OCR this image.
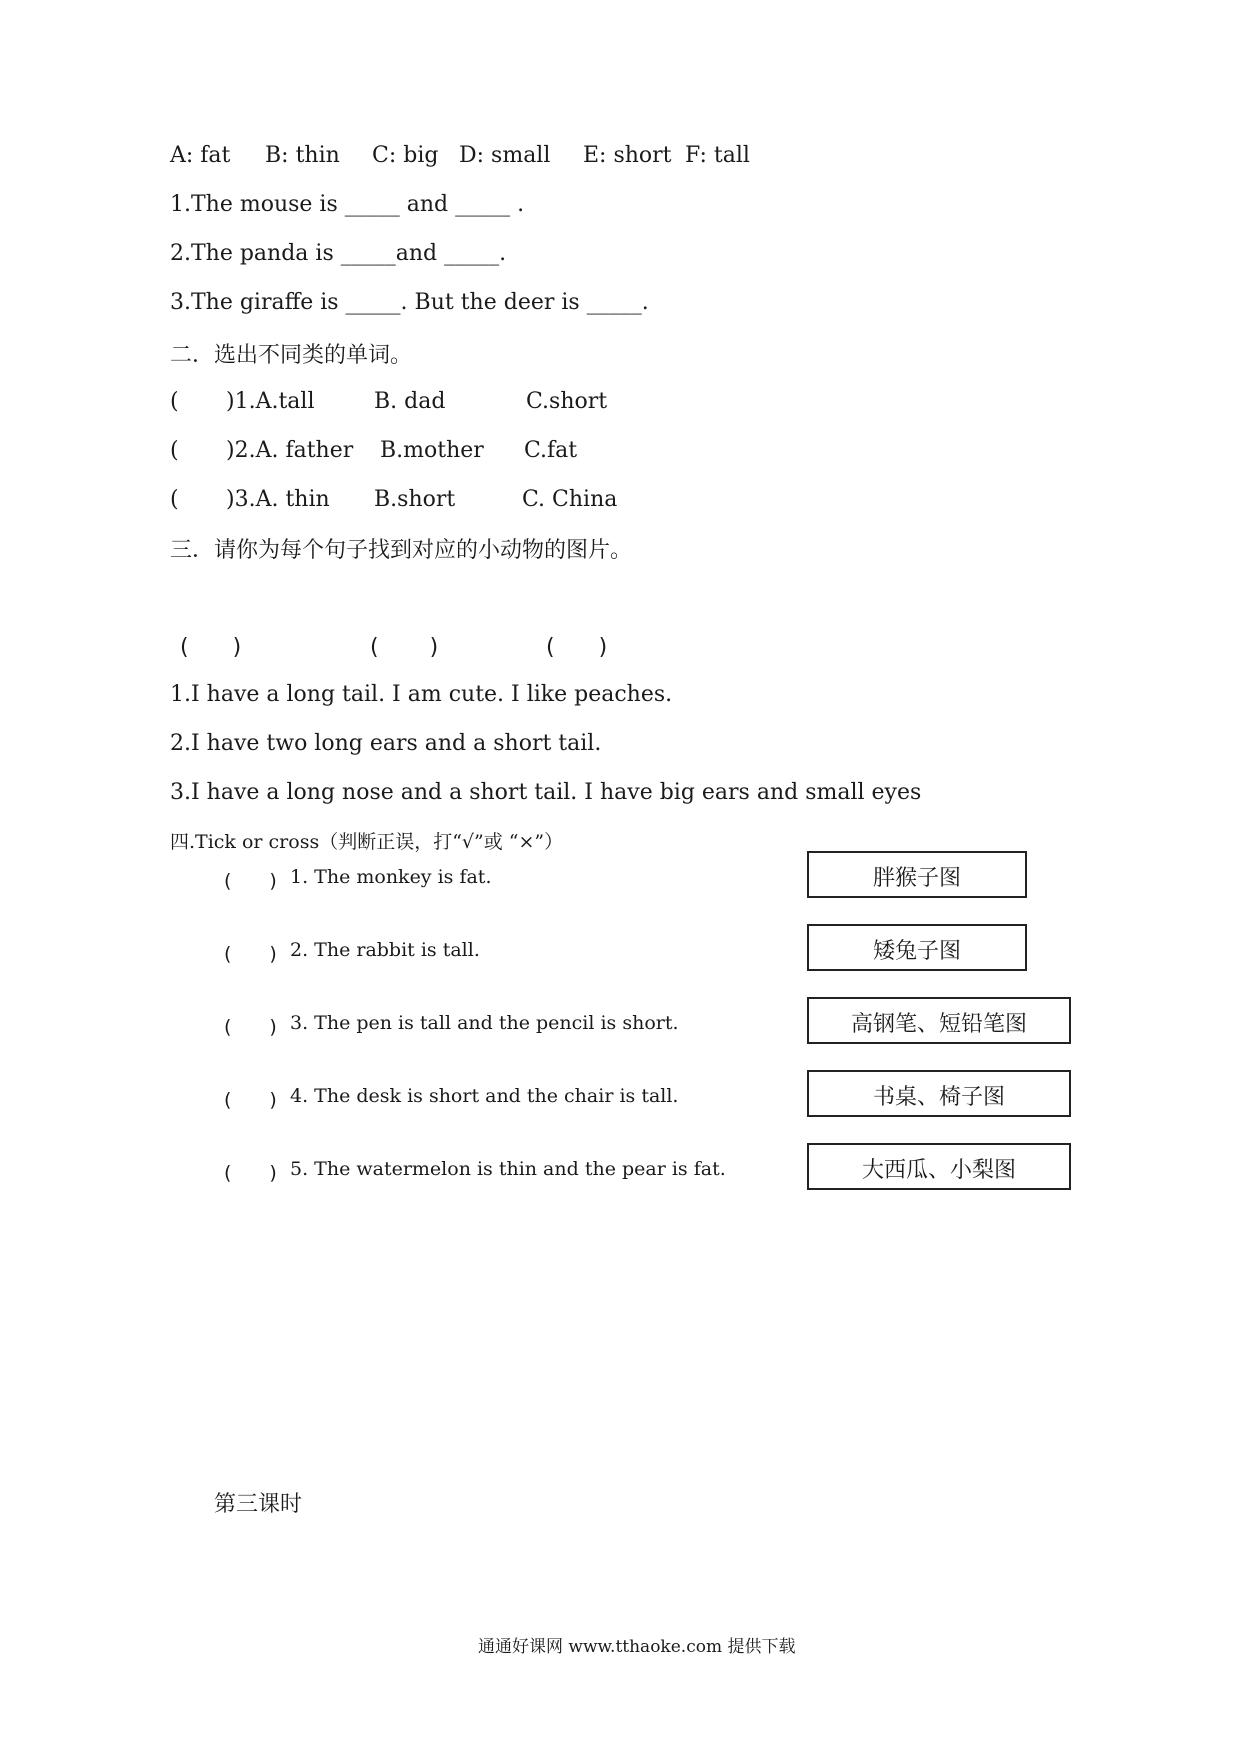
A: fat B: thin C: big D: small E: short F: tall
1.The mouse is _____ and _____ .
2.The panda is _____and _____.
3.The giraffe is _____. But the deer is _____.
二．选出不同类的单词。
( )1.A.tall	B. dad	C.short
( )2.A. father B.mother C.fat
( )3.A. thin B.short	C. China
三．请你为每个句子找到对应的小动物的图片。
(　　)	(　　 )	(　　)
1.I have a long tail. I am cute. I like peaches.
2.I have two long ears and a short tail.
3.I have a long nose and a short tail. I have big ears and small eyes
四.Tick or cross（判断正误，打“√”或 “×”）
(　　) 1. The monkey is fat.	胖猴子图
(　　) 2. The rabbit is tall.	矮兔子图
(　　) 3. The pen is tall and the pencil is short.	高钢笔、短铅笔图
(　　) 4. The desk is short and the chair is tall.	书桌、椅子图
(　　) 5. The watermelon is thin and the pear is fat.	大西瓜、小梨图
第三课时
通通好课网 www.tthaoke.com 提供下载
